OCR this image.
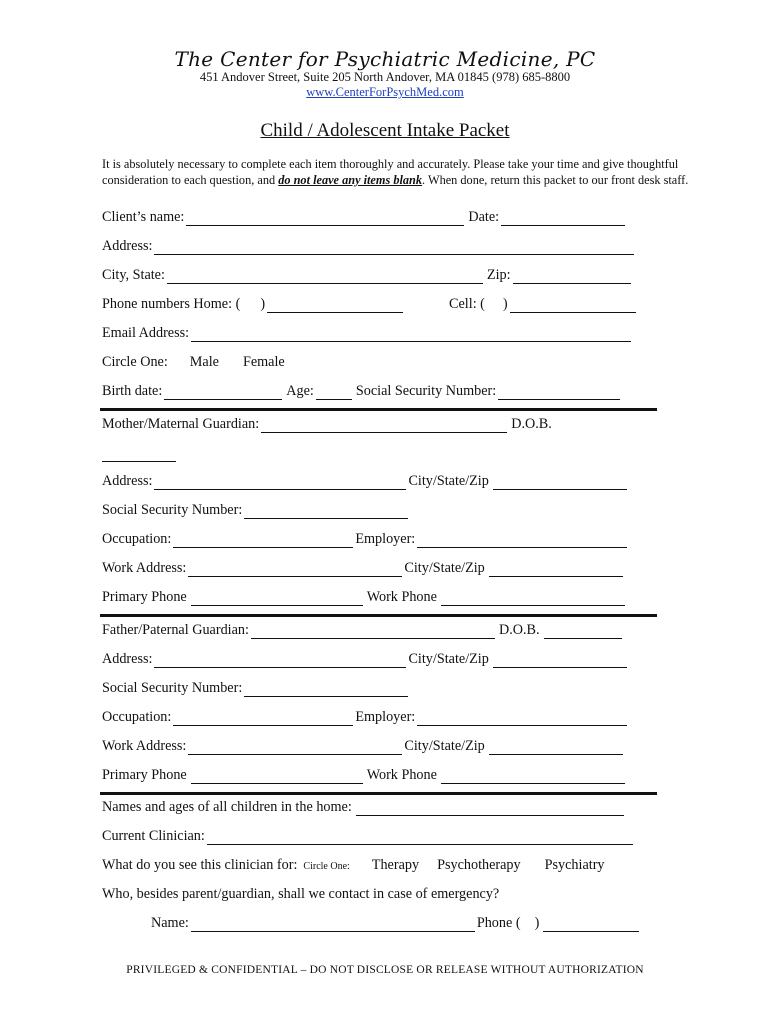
The Center for Psychiatric Medicine, PC
451 Andover Street, Suite 205 North Andover, MA 01845 (978) 685-8800
www.CenterForPsychMed.com
Child / Adolescent Intake Packet
It is absolutely necessary to complete each item thoroughly and accurately. Please take your time and give thoughtful consideration to each question, and do not leave any items blank. When done, return this packet to our front desk staff.
Client’s name:	Date:
Address:
City, State:	Zip:
Phone numbers Home: ( )	Cell: ( )
Email Address:
Circle One: Male Female
Birth date:	Age:	Social Security Number:
Mother/Maternal Guardian:	D.O.B.
Address:	City/State/Zip
Social Security Number:
Occupation:	Employer:
Work Address:	City/State/Zip
Primary Phone	Work Phone
Father/Paternal Guardian:	D.O.B.
Address:	City/State/Zip
Social Security Number:
Occupation:	Employer:
Work Address:	City/State/Zip
Primary Phone	Work Phone
Names and ages of all children in the home:
Current Clinician:
What do you see this clinician for: Circle One: Therapy Psychotherapy Psychiatry
Who, besides parent/guardian, shall we contact in case of emergency?
Name:	Phone ( )
PRIVILEGED & CONFIDENTIAL – DO NOT DISCLOSE OR RELEASE WITHOUT AUTHORIZATION
